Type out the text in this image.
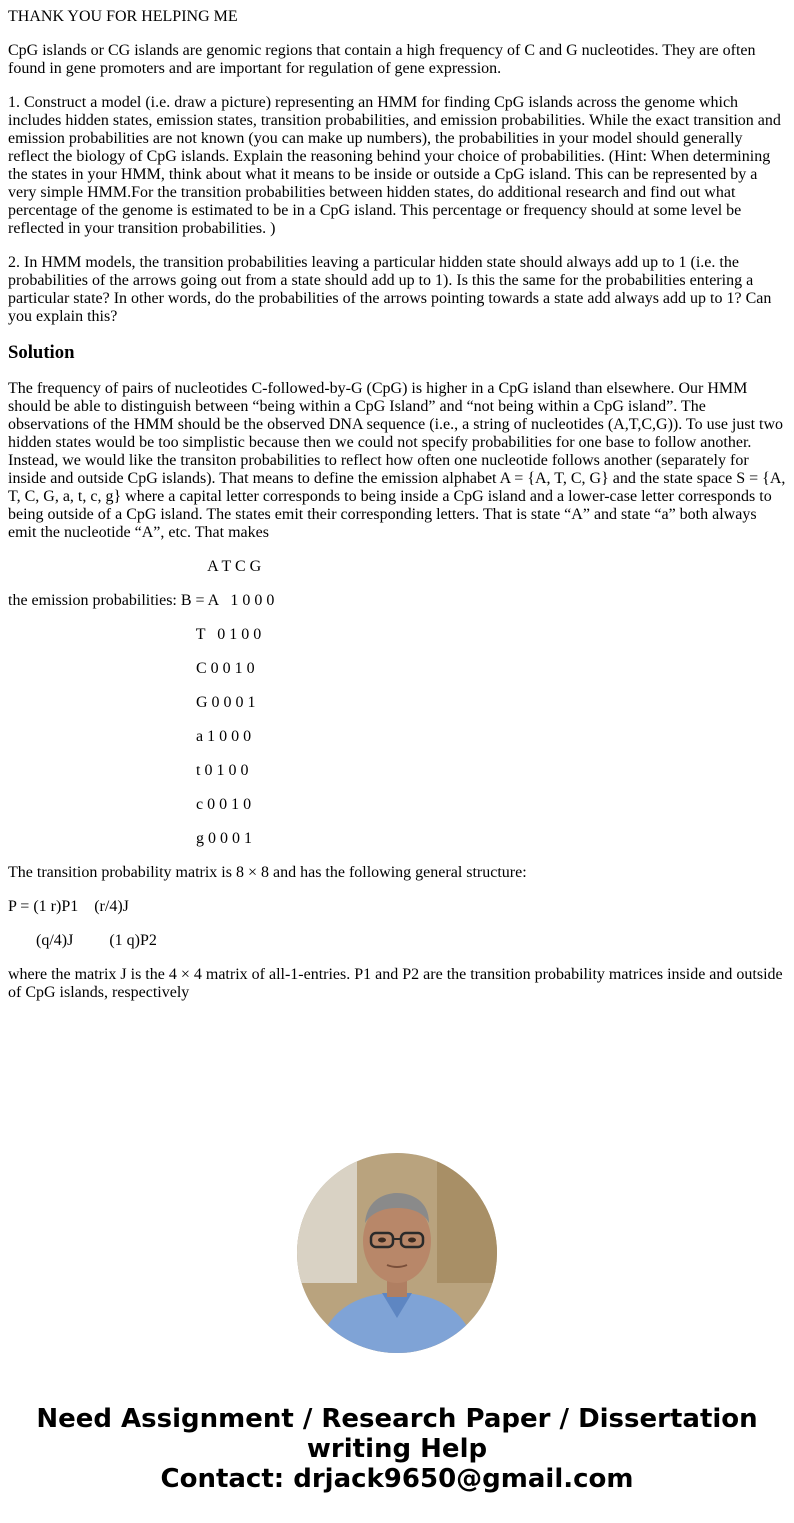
THANK YOU FOR HELPING ME

CpG islands or CG islands are genomic regions that contain a high frequency of C and G nucleotides. They are often found in gene promoters and are important for regulation of gene expression.

1. Construct a model (i.e. draw a picture) representing an HMM for finding CpG islands across the genome which includes hidden states, emission states, transition probabilities, and emission probabilities. While the exact transition and emission probabilities are not known (you can make up numbers), the probabilities in your model should generally reflect the biology of CpG islands. Explain the reasoning behind your choice of probabilities. (Hint: When determining the states in your HMM, think about what it means to be inside or outside a CpG island. This can be represented by a very simple HMM.For the transition probabilities between hidden states, do additional research and find out what percentage of the genome is estimated to be in a CpG island. This percentage or frequency should at some level be reflected in your transition probabilities. )

2. In HMM models, the transition probabilities leaving a particular hidden state should always add up to 1 (i.e. the probabilities of the arrows going out from a state should add up to 1). Is this the same for the probabilities entering a particular state? In other words, do the probabilities of the arrows pointing towards a state add always add up to 1? Can you explain this?

Solution

The frequency of pairs of nucleotides C-followed-by-G (CpG) is higher in a CpG island than elsewhere. Our HMM should be able to distinguish between “being within a CpG Island” and “not being within a CpG island”. The observations of the HMM should be the observed DNA sequence (i.e., a string of nucleotides (A,T,C,G)). To use just two hidden states would be too simplistic because then we could not specify probabilities for one base to follow another. Instead, we would like the transiton probabilities to reflect how often one nucleotide follows another (separately for inside and outside CpG islands). That means to define the emission alphabet A = {A, T, C, G} and the state space S = {A, T, C, G, a, t, c, g} where a capital letter corresponds to being inside a CpG island and a lower-case letter corresponds to being outside of a CpG island. The states emit their corresponding letters. That is state “A” and state “a” both always emit the nucleotide “A”, etc. That makes

A T C G
the emission probabilities: B = A   1 0 0 0
T   0 1 0 0
C 0 0 1 0
G 0 0 0 1
a 1 0 0 0
t 0 1 0 0
c 0 0 1 0
g 0 0 0 1

The transition probability matrix is 8 × 8 and has the following general structure:

P = (1 r)P1    (r/4)J
(q/4)J         (1 q)P2

where the matrix J is the 4 × 4 matrix of all-1-entries. P1 and P2 are the transition probability matrices inside and outside of CpG islands, respectively

Need Assignment / Research Paper / Dissertation
writing Help
Contact: drjack9650@gmail.com
